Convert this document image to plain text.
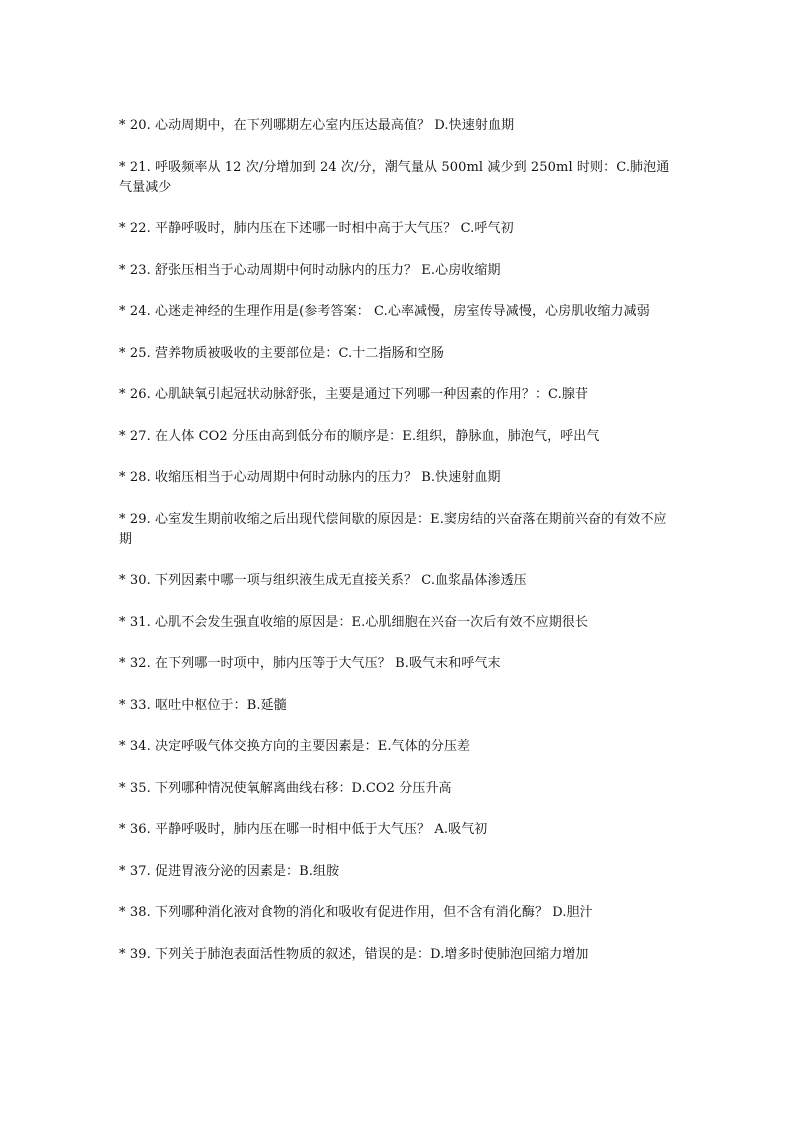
* 20. 心动周期中，在下列哪期左心室内压达最高值？ D.快速射血期
* 21. 呼吸频率从 12 次/分增加到 24 次/分，潮气量从 500ml 减少到 250ml 时则：C.肺泡通气量减少
* 22. 平静呼吸时，肺内压在下述哪一时相中高于大气压？ C.呼气初
* 23. 舒张压相当于心动周期中何时动脉内的压力？ E.心房收缩期
* 24. 心迷走神经的生理作用是(参考答案： C.心率减慢，房室传导减慢，心房肌收缩力减弱
* 25. 营养物质被吸收的主要部位是：C.十二指肠和空肠
* 26. 心肌缺氧引起冠状动脉舒张，主要是通过下列哪一种因素的作用？：C.腺苷
* 27. 在人体 CO2 分压由高到低分布的顺序是：E.组织，静脉血，肺泡气，呼出气
* 28. 收缩压相当于心动周期中何时动脉内的压力？ B.快速射血期
* 29. 心室发生期前收缩之后出现代偿间歇的原因是：E.窦房结的兴奋落在期前兴奋的有效不应期
* 30. 下列因素中哪一项与组织液生成无直接关系？ C.血浆晶体渗透压
* 31. 心肌不会发生强直收缩的原因是：E.心肌细胞在兴奋一次后有效不应期很长
* 32. 在下列哪一时项中，肺内压等于大气压？ B.吸气末和呼气末
* 33. 呕吐中枢位于：B.延髓
* 34. 决定呼吸气体交换方向的主要因素是：E.气体的分压差
* 35. 下列哪种情况使氧解离曲线右移：D.CO2 分压升高
* 36. 平静呼吸时，肺内压在哪一时相中低于大气压？ A.吸气初
* 37. 促进胃液分泌的因素是：B.组胺
* 38. 下列哪种消化液对食物的消化和吸收有促进作用，但不含有消化酶？ D.胆汁
* 39. 下列关于肺泡表面活性物质的叙述，错误的是：D.增多时使肺泡回缩力增加
